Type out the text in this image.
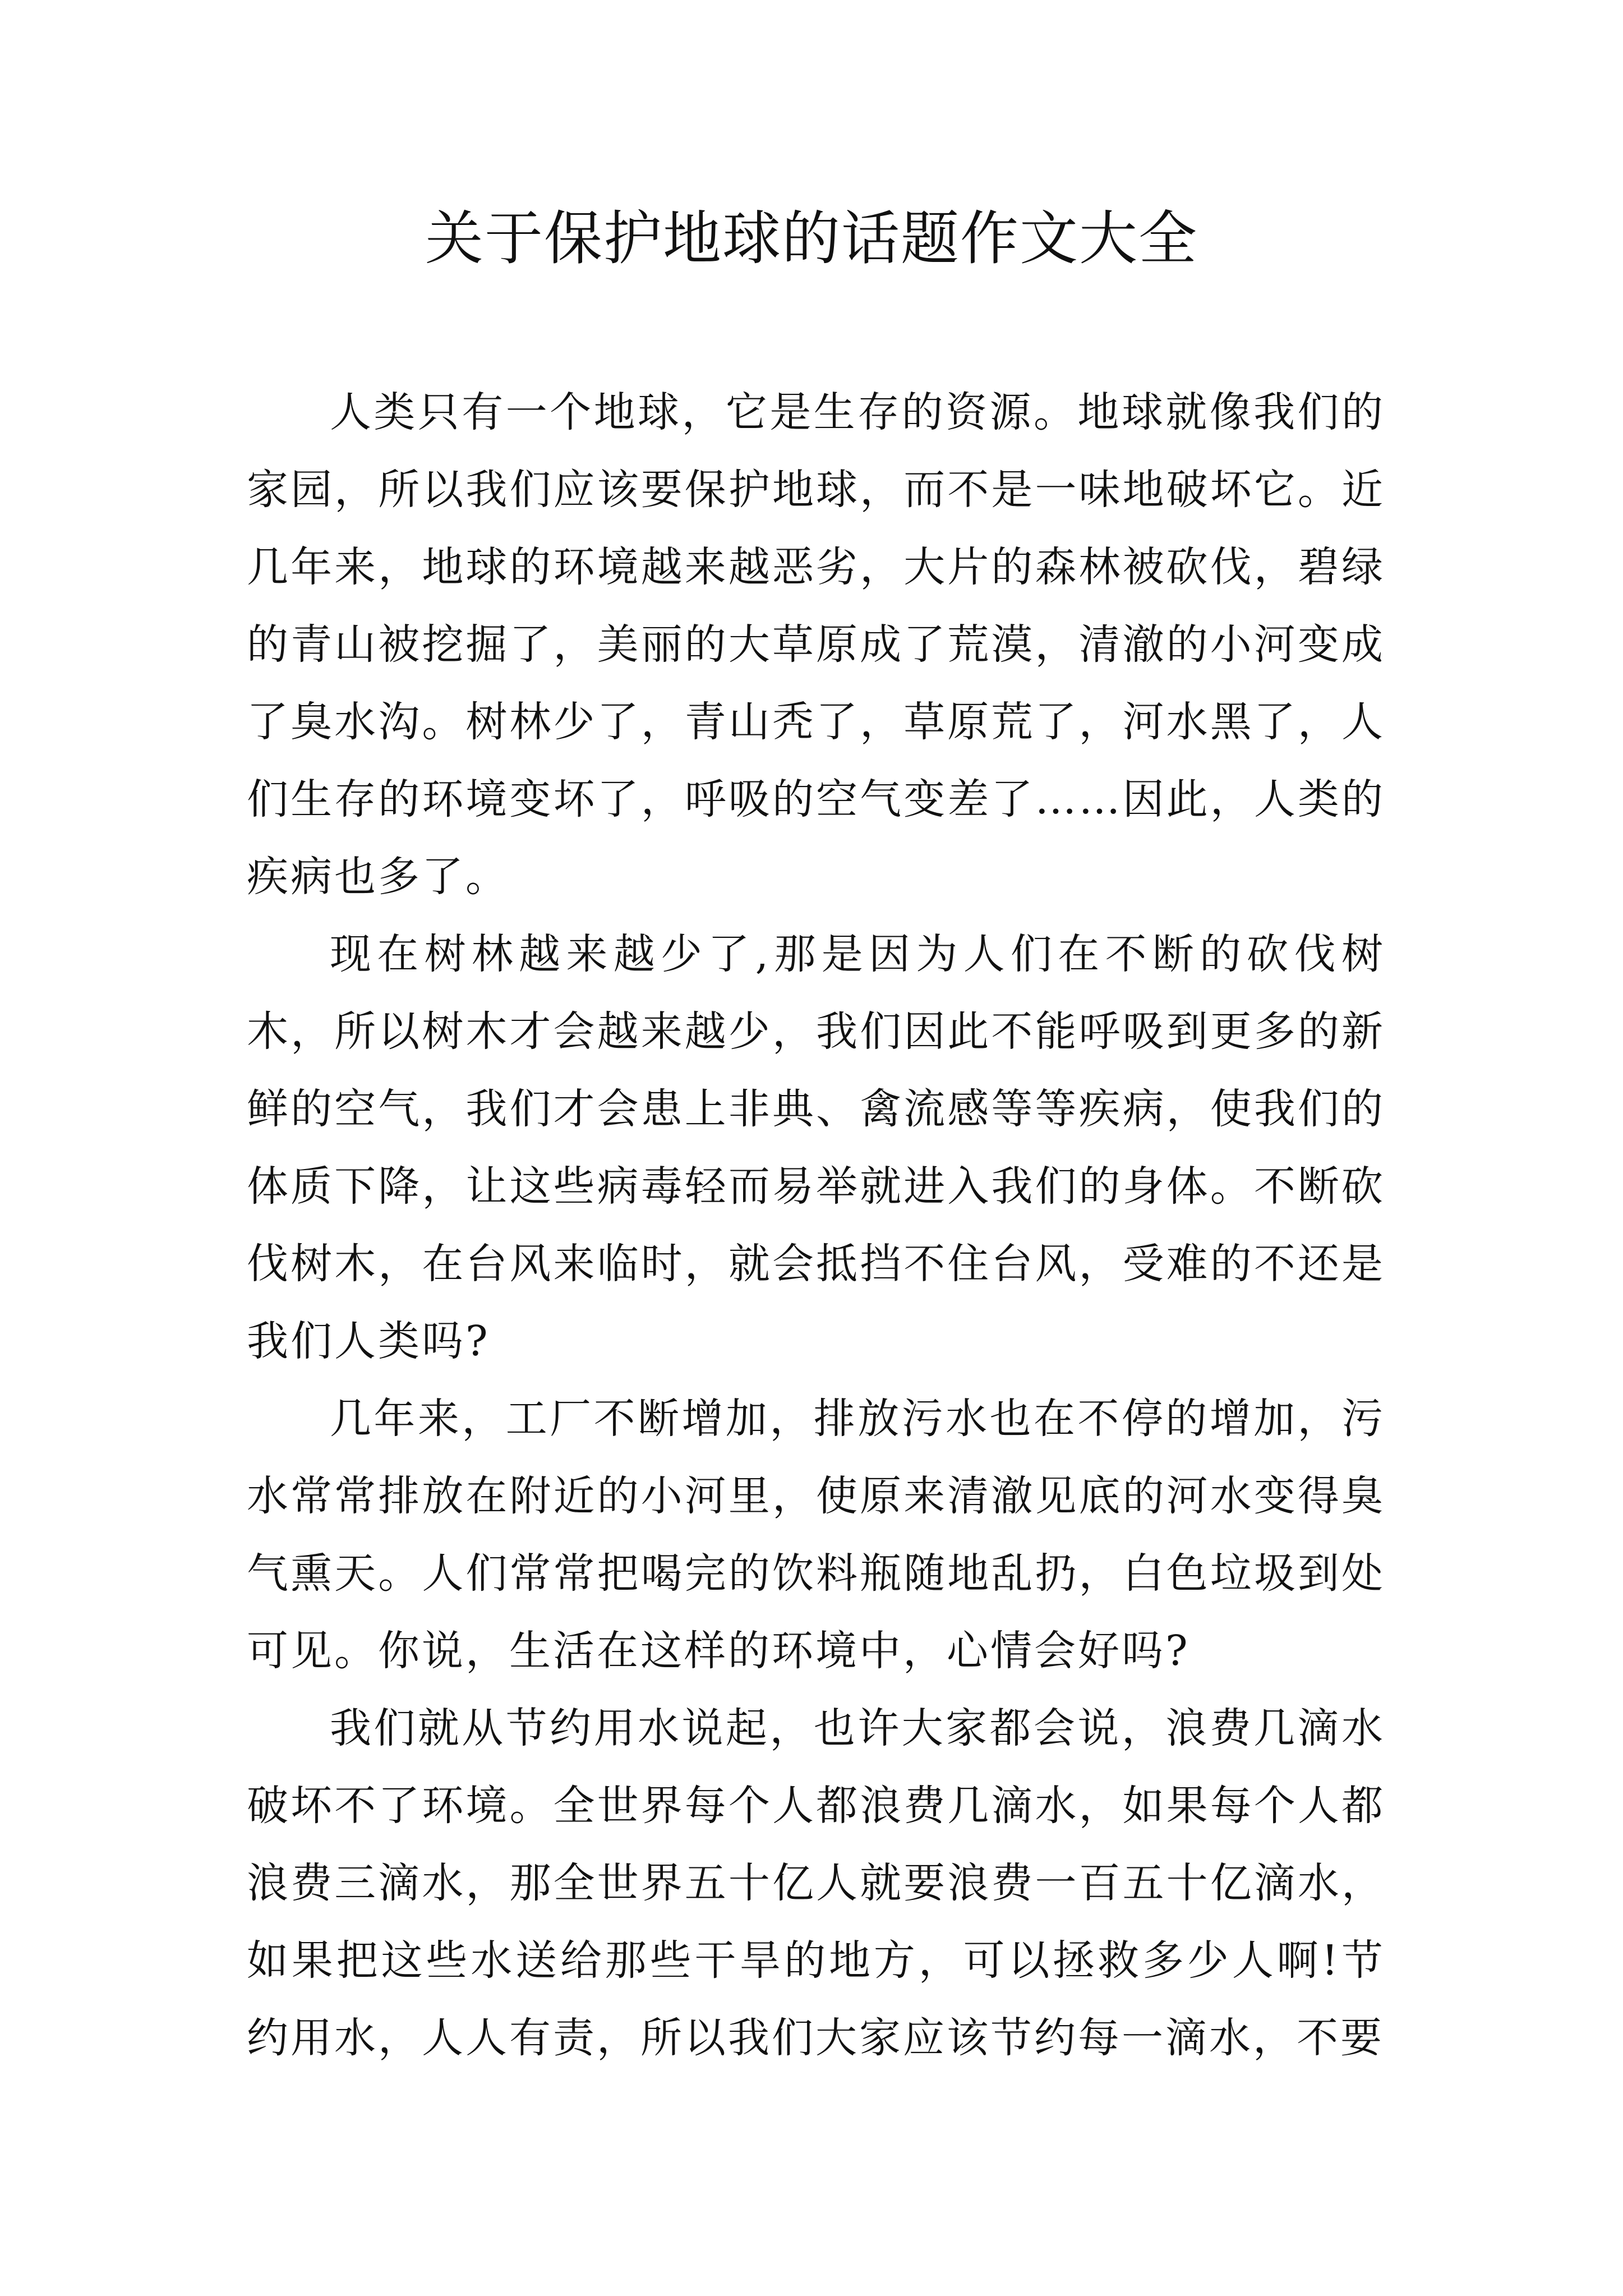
关于保护地球的话题作文大全

人类只有一个地球，它是生存的资源。地球就像我们的家园，所以我们应该要保护地球，而不是一味地破坏它。近几年来，地球的环境越来越恶劣，大片的森林被砍伐，碧绿的青山被挖掘了，美丽的大草原成了荒漠，清澈的小河变成了臭水沟。树林少了，青山秃了，草原荒了，河水黑了，人们生存的环境变坏了，呼吸的空气变差了……因此，人类的疾病也多了。

现在树林越来越少了,那是因为人们在不断的砍伐树木，所以树木才会越来越少，我们因此不能呼吸到更多的新鲜的空气，我们才会患上非典、禽流感等等疾病，使我们的体质下降，让这些病毒轻而易举就进入我们的身体。不断砍伐树木，在台风来临时，就会抵挡不住台风，受难的不还是我们人类吗?

几年来，工厂不断增加，排放污水也在不停的增加，污水常常排放在附近的小河里，使原来清澈见底的河水变得臭气熏天。人们常常把喝完的饮料瓶随地乱扔，白色垃圾到处可见。你说，生活在这样的环境中，心情会好吗?

我们就从节约用水说起，也许大家都会说，浪费几滴水破坏不了环境。全世界每个人都浪费几滴水，如果每个人都浪费三滴水，那全世界五十亿人就要浪费一百五十亿滴水，如果把这些水送给那些干旱的地方，可以拯救多少人啊!节约用水，人人有责，所以我们大家应该节约每一滴水，不要
